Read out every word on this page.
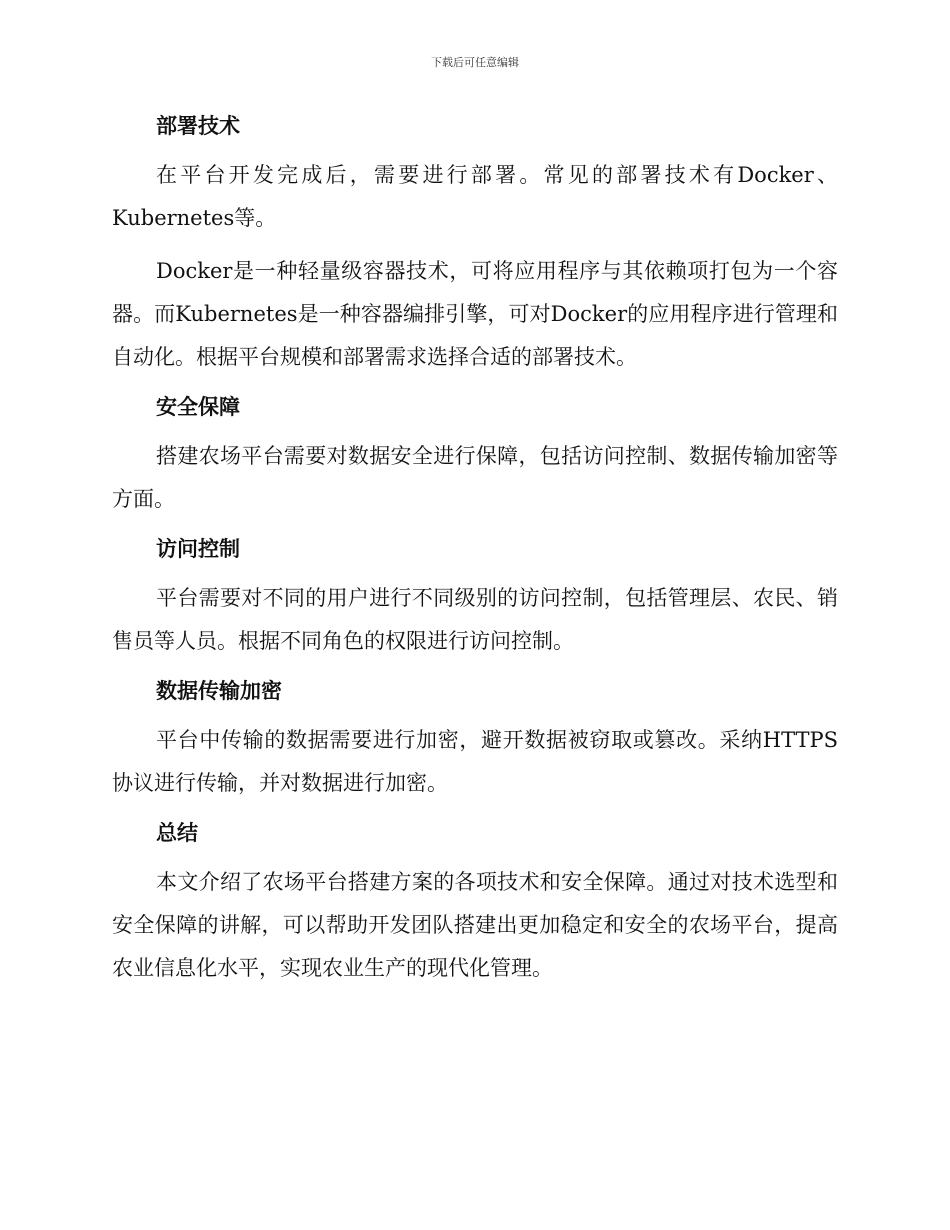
下载后可任意编辑
部署技术

在平台开发完成后，需要进行部署。常见的部署技术有Docker、Kubernetes等。

Docker是一种轻量级容器技术，可将应用程序与其依赖项打包为一个容器。而Kubernetes是一种容器编排引擎，可对Docker的应用程序进行管理和自动化。根据平台规模和部署需求选择合适的部署技术。

安全保障

搭建农场平台需要对数据安全进行保障，包括访问控制、数据传输加密等方面。

访问控制

平台需要对不同的用户进行不同级别的访问控制，包括管理层、农民、销售员等人员。根据不同角色的权限进行访问控制。

数据传输加密

平台中传输的数据需要进行加密，避开数据被窃取或篡改。采纳HTTPS协议进行传输，并对数据进行加密。

总结

本文介绍了农场平台搭建方案的各项技术和安全保障。通过对技术选型和安全保障的讲解，可以帮助开发团队搭建出更加稳定和安全的农场平台，提高农业信息化水平，实现农业生产的现代化管理。
